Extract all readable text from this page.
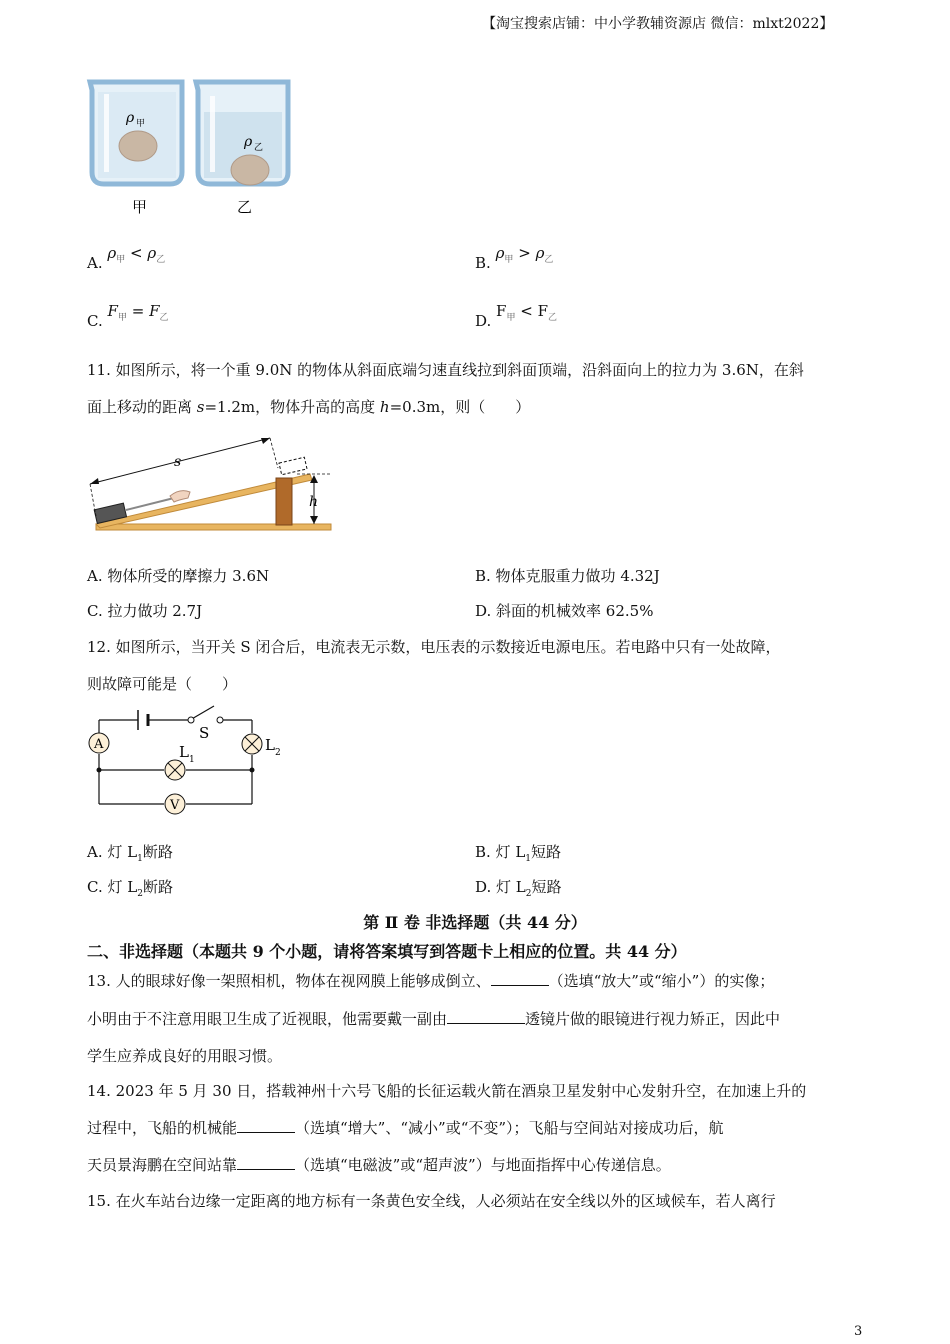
【淘宝搜索店铺：中小学教辅资源店 微信：mlxt2022】
ρ 甲
ρ 乙
甲	乙
A. $\rho_甲 < \rho_乙$	B. $\rho_甲 > \rho_乙$
C. $F_甲 = F_乙$	D. $F_甲 < F_乙$
11. 如图所示，将一个重 9.0N 的物体从斜面底端匀速直线拉到斜面顶端，沿斜面向上的拉力为 3.6N，在斜
面上移动的距离 s=1.2m，物体升高的高度 h=0.3m，则（　　）
s
h
A. 物体所受的摩擦力 3.6N	B. 物体克服重力做功 4.32J
C. 拉力做功 2.7J	D. 斜面的机械效率 62.5%
12. 如图所示，当开关 S 闭合后，电流表无示数，电压表的示数接近电源电压。若电路中只有一处故障，
则故障可能是（　　）
S
A	L 2
L 1
V
A. 灯 $L_1$断路	B. 灯 $L_1$短路
C. 灯 $L_2$断路	D. 灯 $L_2$短路
第 Ⅱ 卷 非选择题（共 44 分）
二、非选择题（本题共 9 个小题，请将答案填写到答题卡上相应的位置。共 44 分）
13. 人的眼球好像一架照相机，物体在视网膜上能够成倒立、	（选填“放大”或“缩小”）的实像；
小明由于不注意用眼卫生成了近视眼，他需要戴一副由	透镜片做的眼镜进行视力矫正，因此中
学生应养成良好的用眼习惯。
14. 2023 年 5 月 30 日，搭载神州十六号飞船的长征运载火箭在酒泉卫星发射中心发射升空，在加速上升的
过程中，飞船的机械能	（选填“增大”、“减小”或“不变”）；飞船与空间站对接成功后，航
天员景海鹏在空间站靠	（选填“电磁波”或“超声波”）与地面指挥中心传递信息。
15. 在火车站台边缘一定距离的地方标有一条黄色安全线，人必须站在安全线以外的区域候车，若人离行
3
